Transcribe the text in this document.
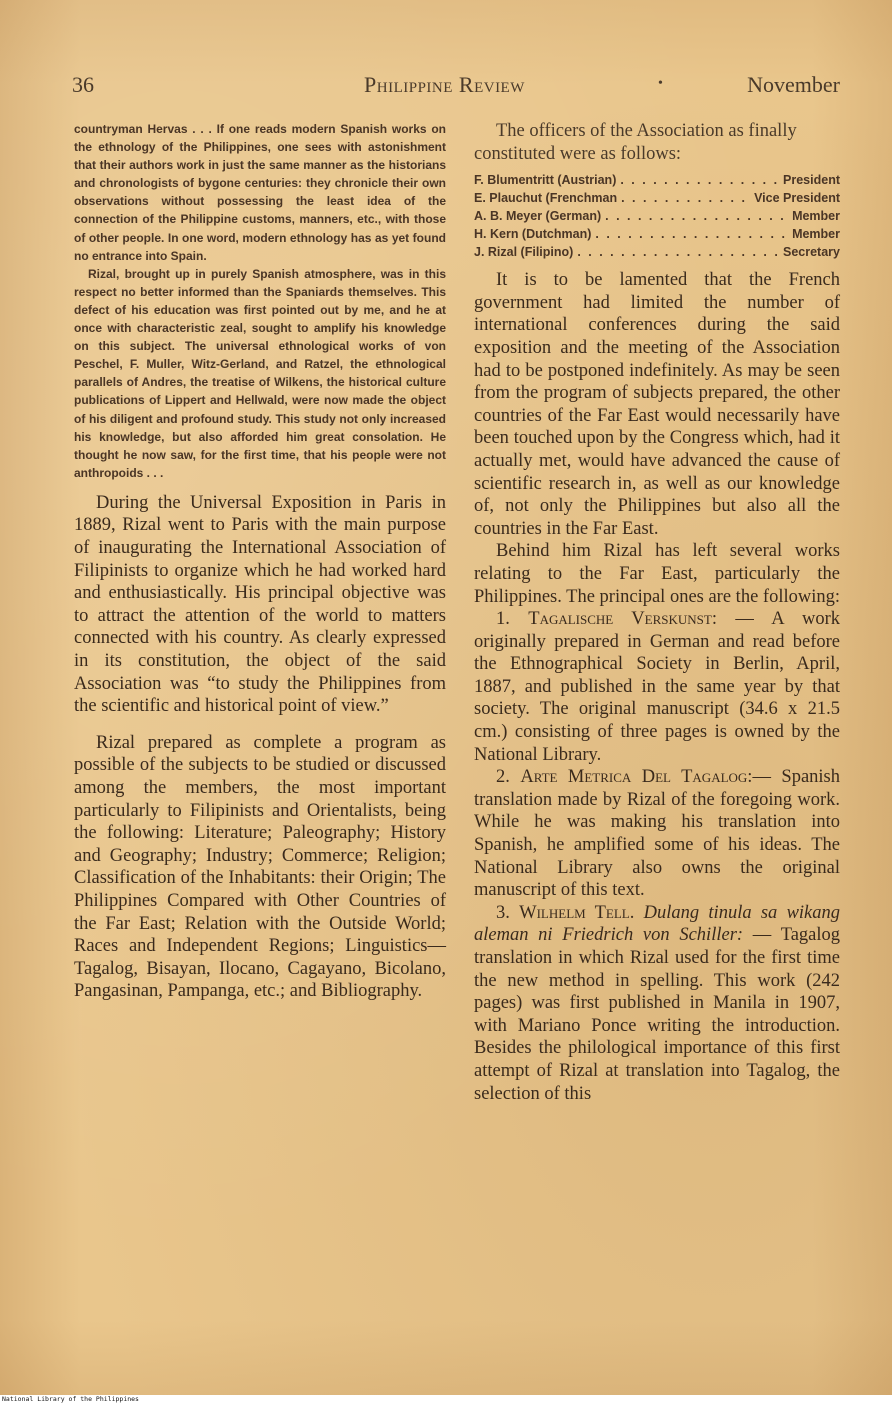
36	Philippine Review	•	November

countryman Hervas . . . If one reads modern Spanish works on the ethnology of the Philippines, one sees with astonishment that their authors work in just the same manner as the historians and chronologists of bygone centuries: they chronicle their own observations without possessing the least idea of the connection of the Philippine customs, manners, etc., with those of other people. In one word, modern ethnology has as yet found no entrance into Spain.

Rizal, brought up in purely Spanish atmosphere, was in this respect no better informed than the Spaniards themselves. This defect of his education was first pointed out by me, and he at once with characteristic zeal, sought to amplify his knowledge on this subject. The universal ethnological works of von Peschel, F. Muller, Witz-Gerland, and Ratzel, the ethnological parallels of Andres, the treatise of Wilkens, the historical culture publications of Lippert and Hellwald, were now made the object of his diligent and profound study. This study not only increased his knowledge, but also afforded him great consolation. He thought he now saw, for the first time, that his people were not anthropoids . . .

During the Universal Exposition in Paris in 1889, Rizal went to Paris with the main purpose of inaugurating the International Association of Filipinists to organize which he had worked hard and enthusiastically. His principal objective was to attract the attention of the world to matters connected with his country. As clearly expressed in its constitution, the object of the said Association was “to study the Philippines from the scientific and historical point of view.”

Rizal prepared as complete a program as possible of the subjects to be studied or discussed among the members, the most important particularly to Filipinists and Orientalists, being the following: Literature; Paleography; History and Geography; Industry; Commerce; Religion; Classification of the Inhabitants: their Origin; The Philippines Compared with Other Countries of the Far East; Relation with the Outside World; Races and Independent Regions; Linguistics—Tagalog, Bisayan, Ilocano, Cagayano, Bicolano, Pangasinan, Pampanga, etc.; and Bibliography.

The officers of the Association as finally constituted were as follows:

F. Blumentritt (Austrian) . . .	President
E. Plauchut (Frenchman . . .	Vice President
A. B. Meyer (German) . . .	Member
H. Kern (Dutchman) . . .	Member
J. Rizal (Filipino) . . .	Secretary

It is to be lamented that the French government had limited the number of international conferences during the said exposition and the meeting of the Association had to be postponed indefinitely. As may be seen from the program of subjects prepared, the other countries of the Far East would necessarily have been touched upon by the Congress which, had it actually met, would have advanced the cause of scientific research in, as well as our knowledge of, not only the Philippines but also all the countries in the Far East.

Behind him Rizal has left several works relating to the Far East, particularly the Philippines. The principal ones are the following:

1. Tagalische Verskunst: — A work originally prepared in German and read before the Ethnographical Society in Berlin, April, 1887, and published in the same year by that society. The original manuscript (34.6 x 21.5 cm.) consisting of three pages is owned by the National Library.

2. Arte Metrica Del Tagalog:— Spanish translation made by Rizal of the foregoing work. While he was making his translation into Spanish, he amplified some of his ideas. The National Library also owns the original manuscript of this text.

3. Wilhelm Tell. Dulang tinula sa wikang aleman ni Friedrich von Schiller: — Tagalog translation in which Rizal used for the first time the new method in spelling. This work (242 pages) was first published in Manila in 1907, with Mariano Ponce writing the introduction. Besides the philological importance of this first attempt of Rizal at translation into Tagalog, the selection of this

National Library of the Philippines
